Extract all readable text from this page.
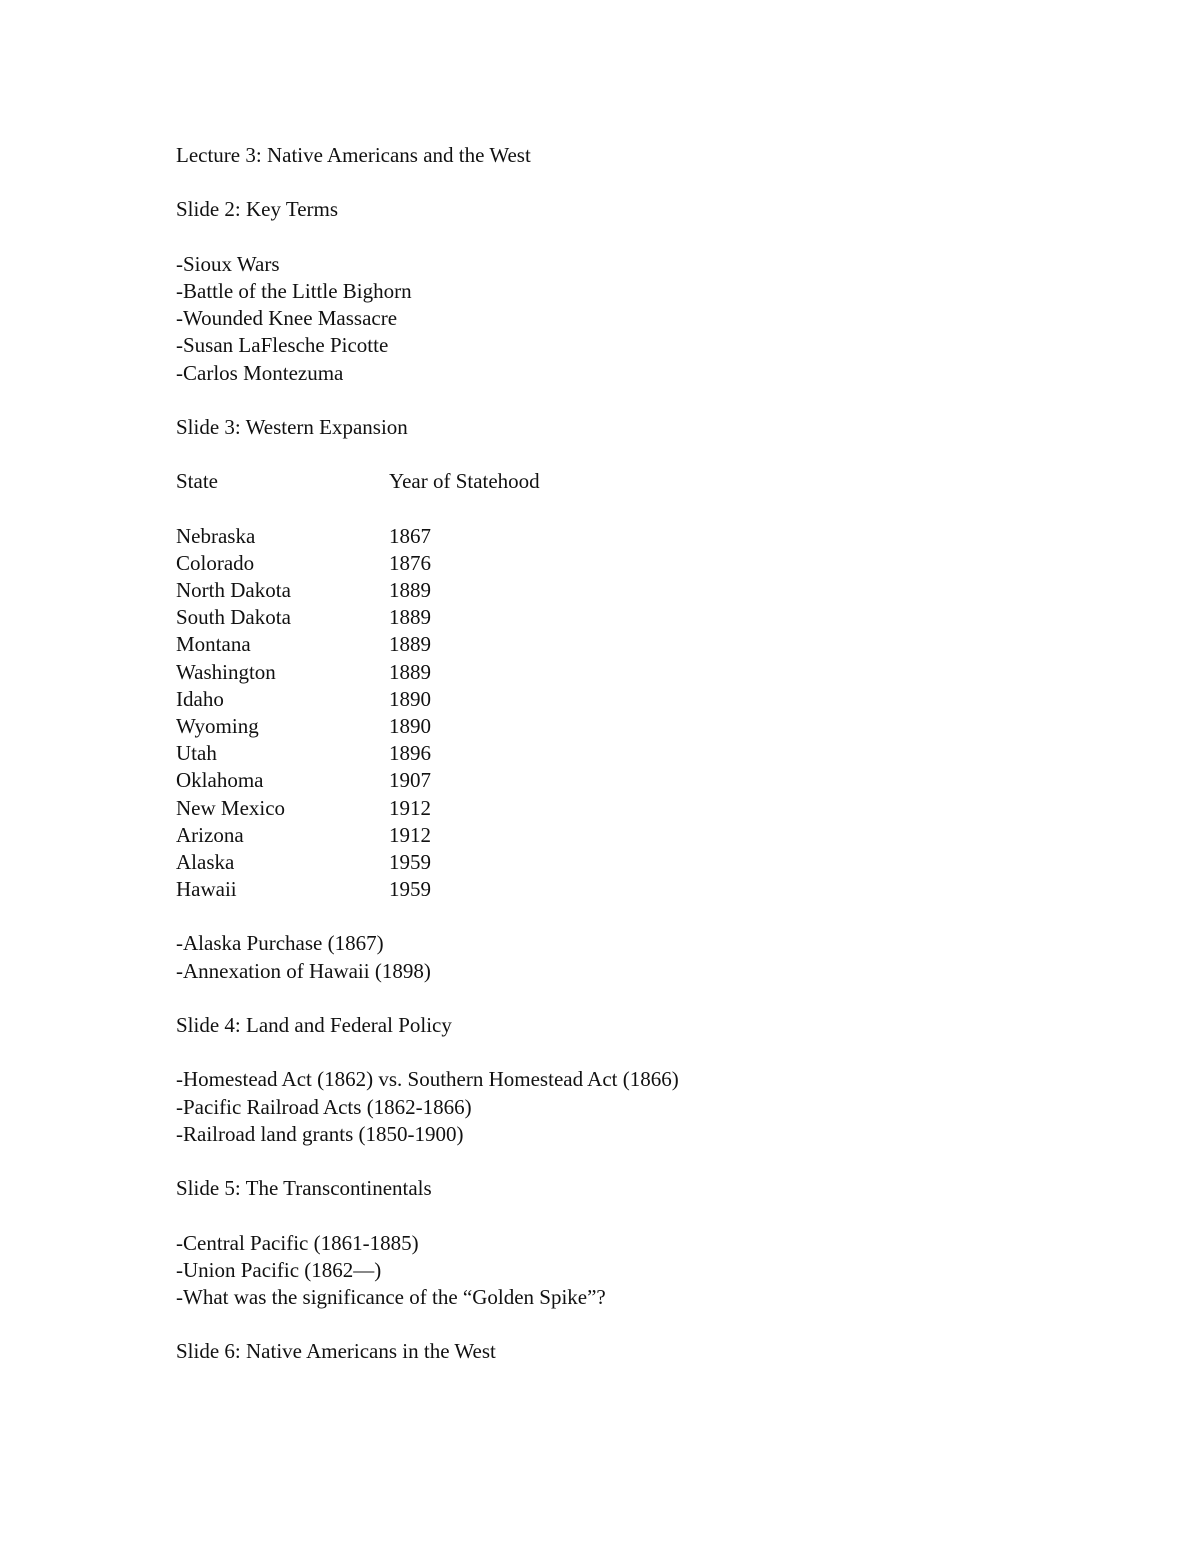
Lecture 3: Native Americans and the West
Slide 2: Key Terms
-Sioux Wars
-Battle of the Little Bighorn
-Wounded Knee Massacre
-Susan LaFlesche Picotte
-Carlos Montezuma
Slide 3: Western Expansion
State	Year of Statehood
Nebraska	1867
Colorado	1876
North Dakota	1889
South Dakota	1889
Montana	1889
Washington	1889
Idaho	1890
Wyoming	1890
Utah	1896
Oklahoma	1907
New Mexico	1912
Arizona	1912
Alaska	1959
Hawaii	1959
-Alaska Purchase (1867)
-Annexation of Hawaii (1898)
Slide 4: Land and Federal Policy
-Homestead Act (1862) vs. Southern Homestead Act (1866)
-Pacific Railroad Acts (1862-1866)
-Railroad land grants (1850-1900)
Slide 5: The Transcontinentals
-Central Pacific (1861-1885)
-Union Pacific (1862—)
-What was the significance of the “Golden Spike”?
Slide 6: Native Americans in the West
